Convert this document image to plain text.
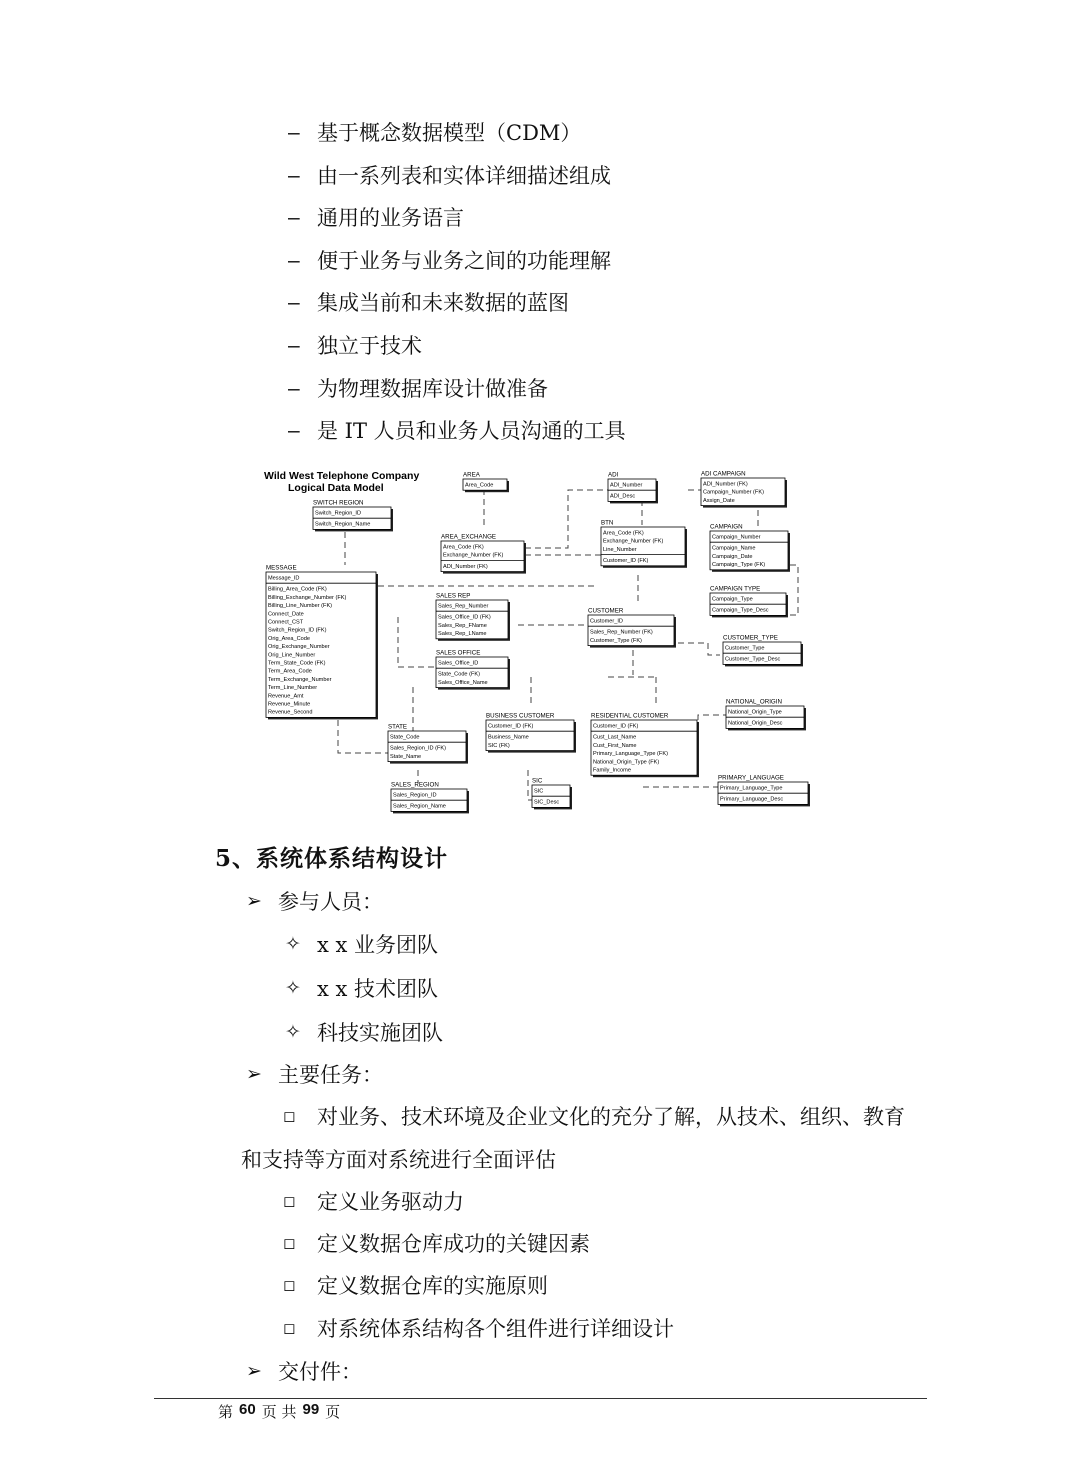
– 基于概念数据模型（CDM）
– 由一系列表和实体详细描述组成
– 通用的业务语言
– 便于业务与业务之间的功能理解
– 集成当前和未来数据的蓝图
– 独立于技术
– 为物理数据库设计做准备
– 是 IT 人员和业务人员沟通的工具
SWITCH REGION
Switch_Region_ID
Switch_Region_Name
AREA
Area_Code
ADI
ADI_Number
ADI_Desc
ADI CAMPAIGN
ADI_Number (FK)
Campaign_Number (FK)
Assign_Date
AREA_EXCHANGE
Area_Code (FK)
Exchange_Number (FK)
ADI_Number (FK)
BTN
Area_Code (FK)
Exchange_Number (FK)
Line_Number
Customer_ID (FK)
CAMPAIGN
Campaign_Number
Campaign_Name
Campaign_Date
Campaign_Type (FK)
MESSAGE
Message_ID
Billing_Area_Code (FK)
Billing_Exchange_Number (FK)
Billing_Line_Number (FK)
Connect_Date
Connect_CST
Switch_Region_ID (FK)
Orig_Area_Code
Orig_Exchange_Number
Orig_Line_Number
Term_State_Code (FK)
Term_Area_Code
Term_Exchange_Number
Term_Line_Number
Revenue_Amt
Revenue_Minute
Revenue_Second
CAMPAIGN TYPE
Campaign_Type
Campaign_Type_Desc
SALES REP
Sales_Rep_Number
Sales_Office_ID (FK)
Sales_Rep_FName
Sales_Rep_LName
CUSTOMER
Customer_ID
Sales_Rep_Number (FK)
Customer_Type (FK)	CUSTOMER_TYPE
Customer_Type
Customer_Type_Desc
SALES OFFICE
Sales_Office_ID
State_Code (FK)
Sales_Office_Name
NATIONAL_ORIGIN
National_Origin_Type
National_Origin_Desc
STATE
State_Code
Sales_Region_ID (FK)
State_Name
BUSINESS CUSTOMER
Customer_ID (FK)
Business_Name
SIC (FK)
RESIDENTIAL CUSTOMER
Customer_ID (FK)
Cust_Last_Name
Cust_First_Name
Primary_Language_Type (FK)
National_Origin_Type (FK)
Family_Income
SIC
SIC
SIC_Desc
PRIMARY_LANGUAGE
Primary_Language_Type
Primary_Language_Desc
SALES_REGION
Sales_Region_ID
Sales_Region_Name
Wild West Telephone Company
Logical Data Model
5、系统体系结构设计
➢ 参与人员：
✧ x x 业务团队
✧ x x 技术团队
✧ 科技实施团队
➢ 主要任务：
◻	对业务、技术环境及企业文化的充分了解，从技术、组织、教育
和支持等方面对系统进行全面评估
◻	定义业务驱动力
◻	定义数据仓库成功的关键因素
◻	定义数据仓库的实施原则
◻	对系统体系结构各个组件进行详细设计
➢ 交付件：
第 60 页 共 99 页
